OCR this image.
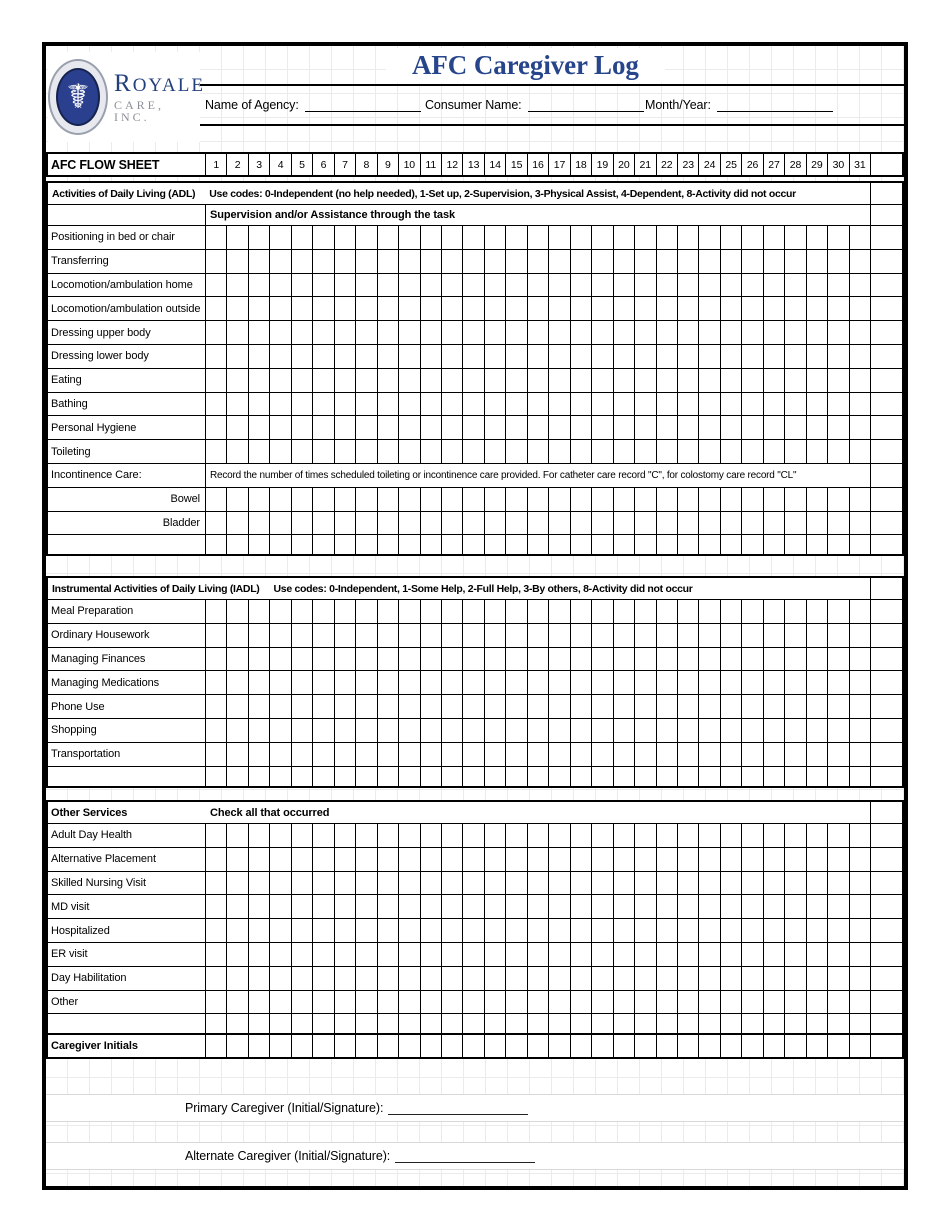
☤	ROYALE
CARE, INC.
AFC Caregiver Log
Name of Agency:	Consumer Name:	Month/Year:
AFC FLOW SHEET	1	2	3	4	5	6	7	8	9	10 11 12 13 14 15 16 17 18 19 20 21 22 23 24 25 26 27 28 29 30 31
Activities of Daily Living (ADL) Use codes: 0-Independent (no help needed), 1-Set up, 2-Supervision, 3-Physical Assist, 4-Dependent, 8-Activity did not occur
Supervision and/or Assistance through the task
Positioning in bed or chair
Transferring
Locomotion/ambulation home
Locomotion/ambulation outside
Dressing upper body
Dressing lower body
Eating
Bathing
Personal Hygiene
Toileting
Incontinence Care:	Record the number of times scheduled toileting or incontinence care provided. For catheter care record "C", for colostomy care record "CL"
Bowel
Bladder
Instrumental Activities of Daily Living (IADL) Use codes: 0-Independent, 1-Some Help, 2-Full Help, 3-By others, 8-Activity did not occur
Meal Preparation
Ordinary Housework
Managing Finances
Managing Medications
Phone Use
Shopping
Transportation
Other Services	Check all that occurred
Adult Day Health
Alternative Placement
Skilled Nursing Visit
MD visit
Hospitalized
ER visit
Day Habilitation
Other
Caregiver Initials
Primary Caregiver (Initial/Signature):
Alternate Caregiver (Initial/Signature):
